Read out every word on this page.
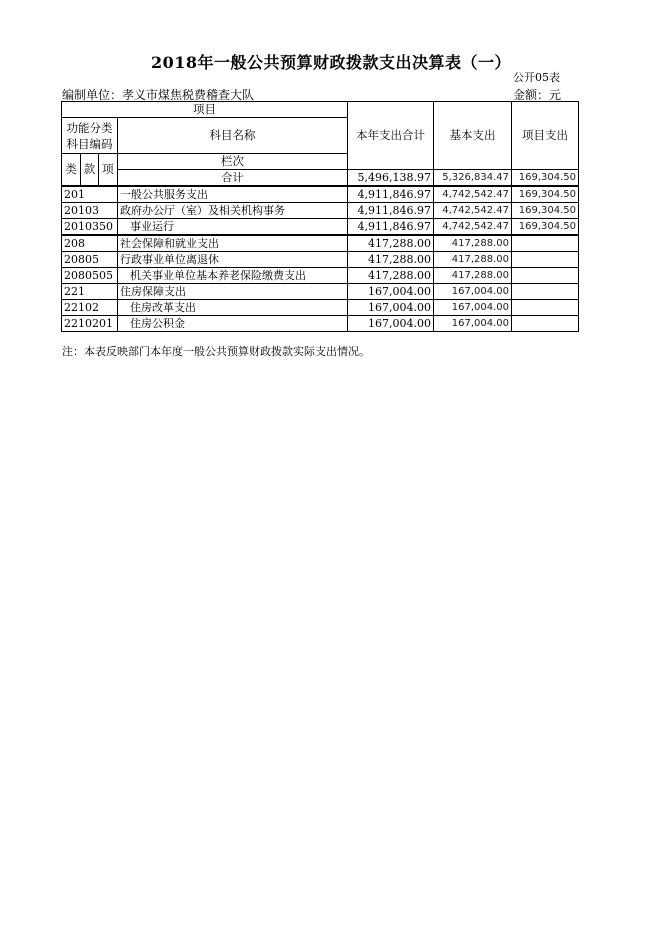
2018年一般公共预算财政拨款支出决算表（一）
公开05表
编制单位：孝义市煤焦税费稽查大队	金额：元
项目				本年支出合计	基本支出	项目支出
功能分类科目编码			科目名称			

类	款	项	栏次			
			合计	5,496,138.97	5,326,834.47	169,304.50
201			一般公共服务支出	4,911,846.97	4,742,542.47	169,304.50
20103			政府办公厅（室）及相关机构事务	4,911,846.97	4,742,542.47	169,304.50
2010350			事业运行	4,911,846.97	4,742,542.47	169,304.50
208			社会保障和就业支出	417,288.00	417,288.00	
20805			行政事业单位离退休	417,288.00	417,288.00	
2080505			机关事业单位基本养老保险缴费支出	417,288.00	417,288.00	
221			住房保障支出	167,004.00	167,004.00	
22102			住房改革支出	167,004.00	167,004.00	
2210201			住房公积金	167,004.00	167,004.00	
注：本表反映部门本年度一般公共预算财政拨款实际支出情况。
